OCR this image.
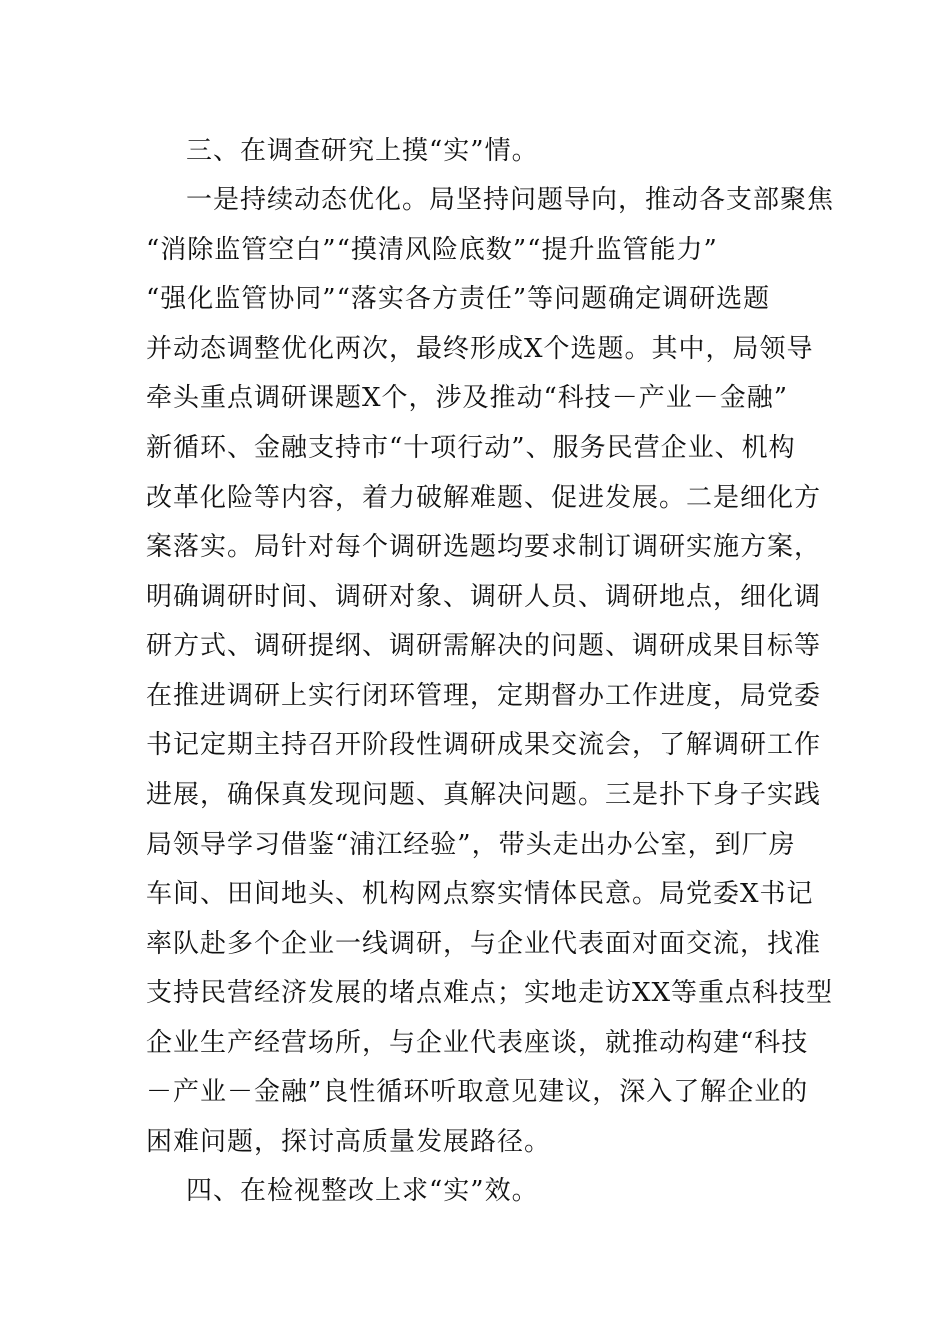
三、在调查研究上摸“实”情。
一是持续动态优化。局坚持问题导向，推动各支部聚焦
“消除监管空白”“摸清风险底数”“提升监管能力”
“强化监管协同”“落实各方责任”等问题确定调研选题
并动态调整优化两次，最终形成X个选题。其中，局领导
牵头重点调研课题X个，涉及推动“科技－产业－金融”
新循环、金融支持市“十项行动”、服务民营企业、机构
改革化险等内容，着力破解难题、促进发展。二是细化方
案落实。局针对每个调研选题均要求制订调研实施方案，
明确调研时间、调研对象、调研人员、调研地点，细化调
研方式、调研提纲、调研需解决的问题、调研成果目标等
在推进调研上实行闭环管理，定期督办工作进度，局党委
书记定期主持召开阶段性调研成果交流会，了解调研工作
进展，确保真发现问题、真解决问题。三是扑下身子实践
局领导学习借鉴“浦江经验”，带头走出办公室，到厂房
车间、田间地头、机构网点察实情体民意。局党委X书记
率队赴多个企业一线调研，与企业代表面对面交流，找准
支持民营经济发展的堵点难点；实地走访XX等重点科技型
企业生产经营场所，与企业代表座谈，就推动构建“科技
－产业－金融”良性循环听取意见建议，深入了解企业的
困难问题，探讨高质量发展路径。
四、在检视整改上求“实”效。
